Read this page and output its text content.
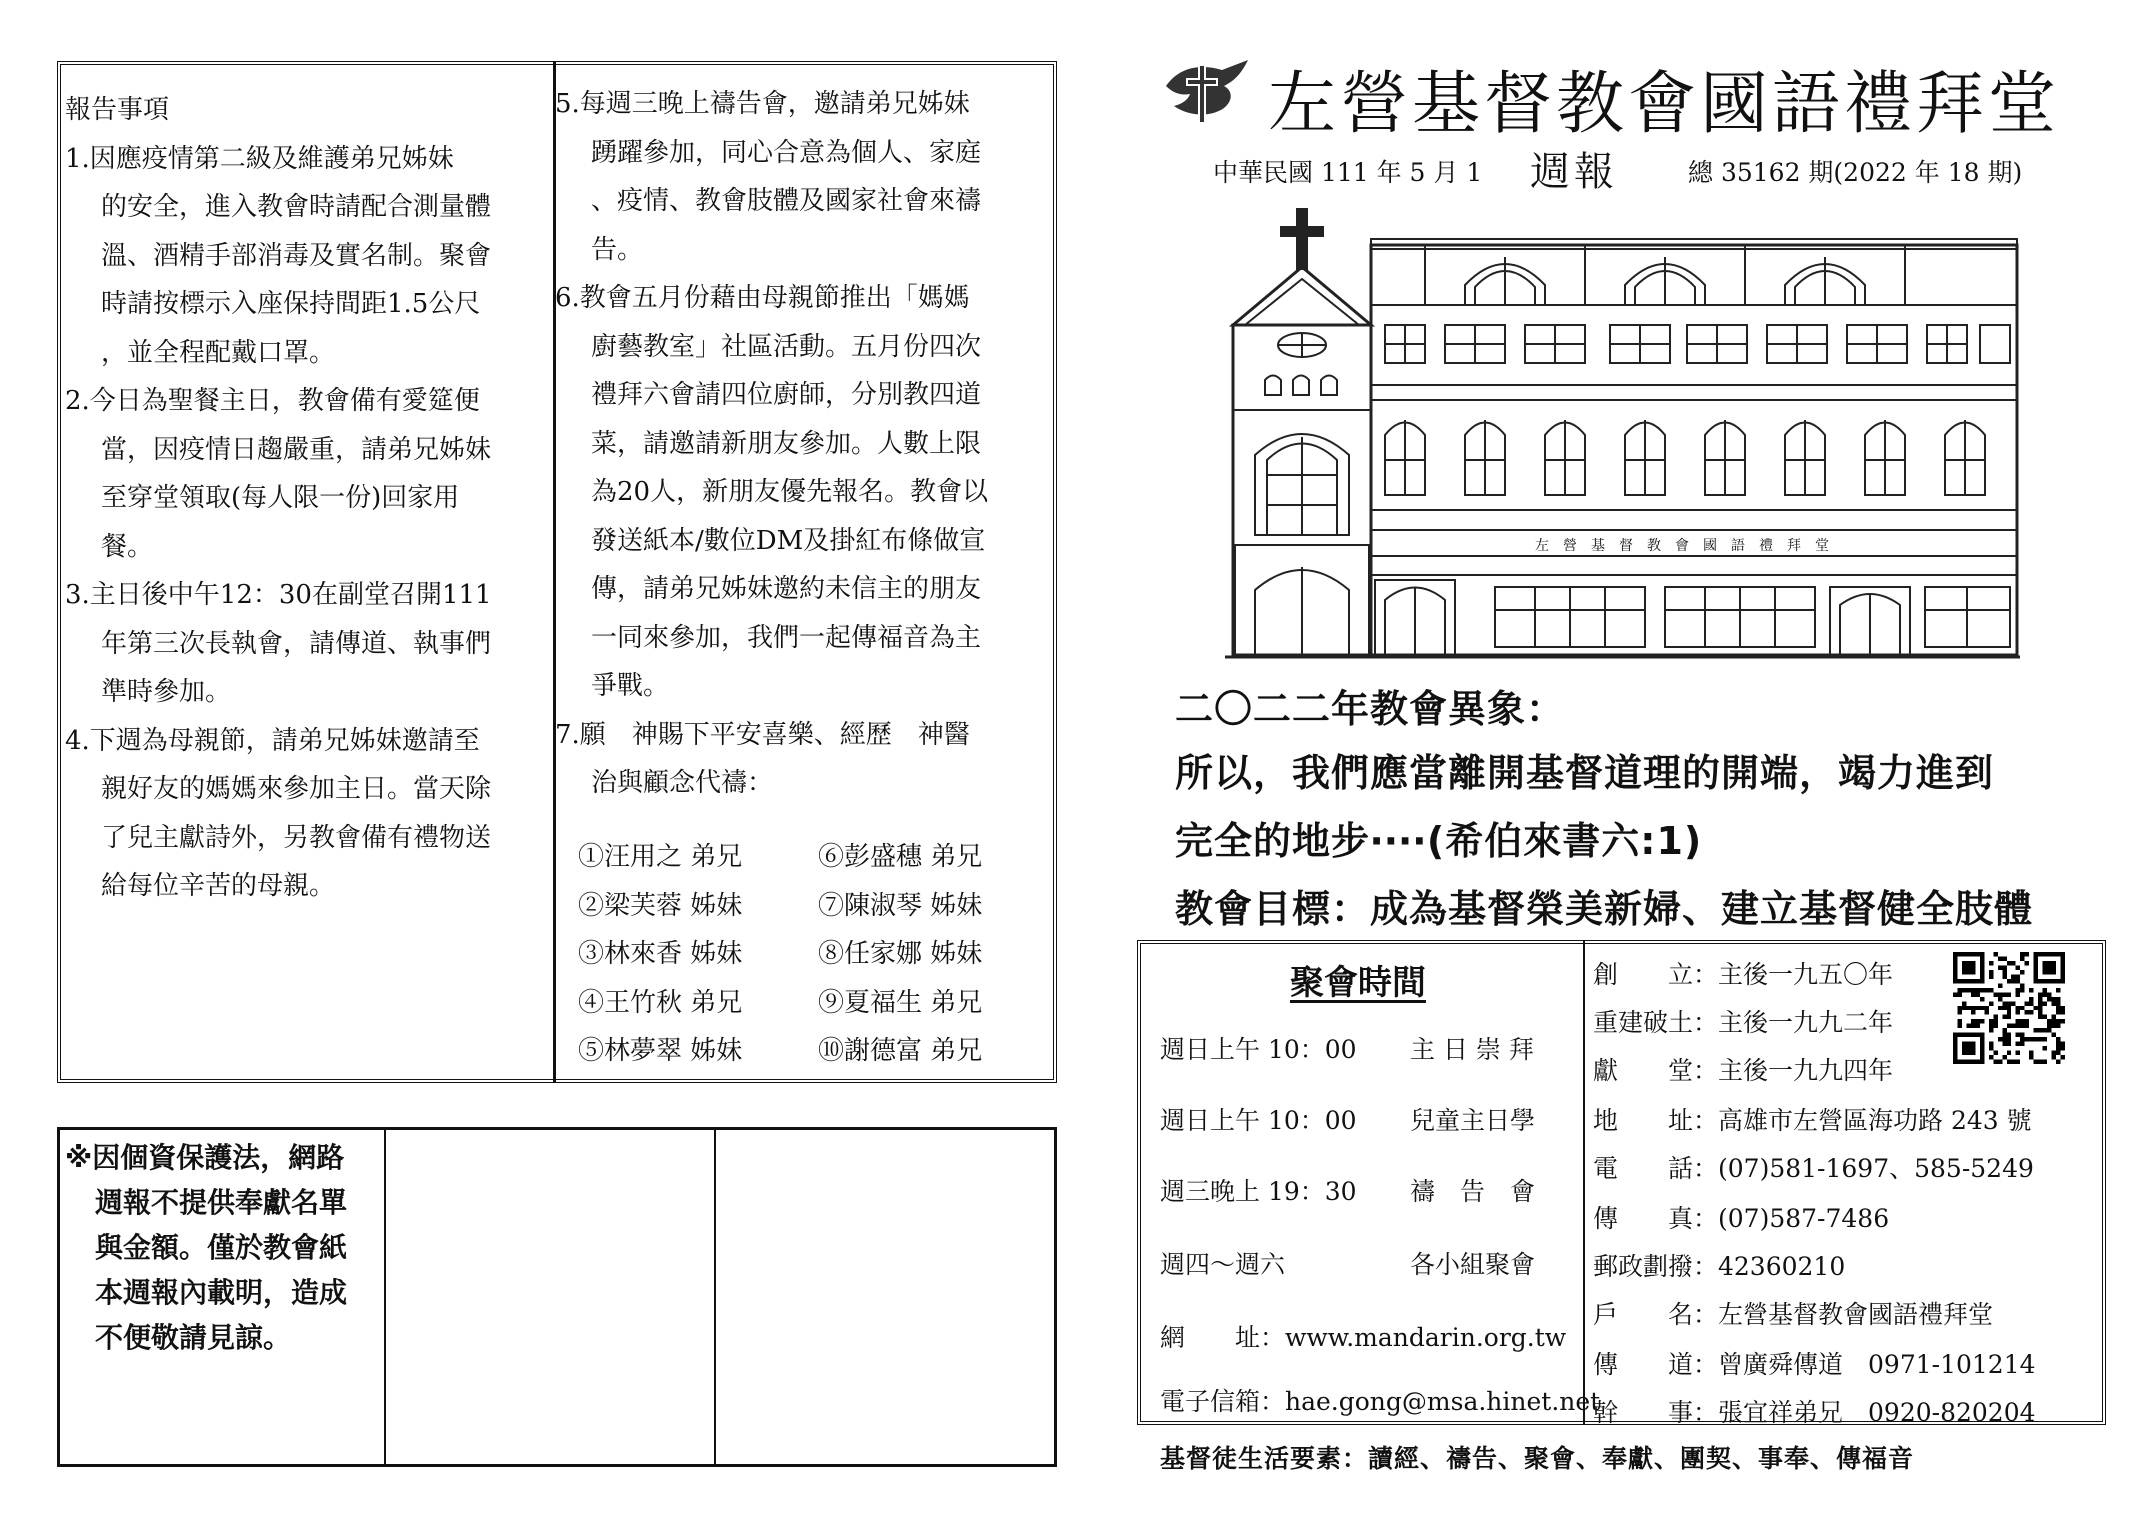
報告事項
1.因應疫情第二級及維護弟兄姊妹
的安全，進入教會時請配合測量體
溫、酒精手部消毒及實名制。聚會
時請按標示入座保持間距1.5公尺
，並全程配戴口罩。
2.今日為聖餐主日，教會備有愛筵便
當，因疫情日趨嚴重，請弟兄姊妹
至穿堂領取(每人限一份)回家用
餐。
3.主日後中午12：30在副堂召開111
年第三次長執會，請傳道、執事們
準時參加。
4.下週為母親節，請弟兄姊妹邀請至
親好友的媽媽來參加主日。當天除
了兒主獻詩外，另教會備有禮物送
給每位辛苦的母親。
5.每週三晚上禱告會，邀請弟兄姊妹
踴躍參加，同心合意為個人、家庭
、疫情、教會肢體及國家社會來禱
告。
6.教會五月份藉由母親節推出「媽媽
廚藝教室」社區活動。五月份四次
禮拜六會請四位廚師，分別教四道
菜，請邀請新朋友參加。人數上限
為20人，新朋友優先報名。教會以
發送紙本/數位DM及掛紅布條做宣
傳，請弟兄姊妹邀約未信主的朋友
一同來參加，我們一起傳福音為主
爭戰。
7.願　神賜下平安喜樂、經歷　神醫
治與顧念代禱：
①汪用之 弟兄	⑥彭盛穗 弟兄
②梁芙蓉 姊妹	⑦陳淑琴 姊妹
③林來香 姊妹	⑧任家娜 姊妹
④王竹秋 弟兄	⑨夏福生 弟兄
⑤林夢翠 姊妹	⑩謝德富 弟兄
※因個資保護法，網路
週報不提供奉獻名單
與金額。僅於教會紙
本週報內載明，造成
不便敬請見諒。
左營基督教會國語禮拜堂
中華民國 111 年 5 月 1 週報	總 35162 期(2022 年 18 期)
左營基督教會國語禮拜堂
二〇二二年教會異象：
所以，我們應當離開基督道理的開端，竭力進到
完全的地步‧‧‧‧(希伯來書六:1)
教會目標：成為基督榮美新婦、建立基督健全肢體
聚會時間
週日上午 10：00 主 日 崇 拜
週日上午 10：00 兒童主日學
週三晚上 19：30 禱　告　會
週四～週六	各小組聚會
網　　址：www.mandarin.org.tw
電子信箱：hae.gong@msa.hinet.net
創　　立：主後一九五〇年
重建破土：主後一九九二年
獻　　堂：主後一九九四年
地　　址：高雄市左營區海功路 243 號
電　　話：(07)581-1697、585-5249
傳　　真：(07)587-7486
郵政劃撥：42360210
戶　　名：左營基督教會國語禮拜堂
傳　　道：曾廣舜傳道　0971-101214
幹　　事：張宜祥弟兄　0920-820204
基督徒生活要素：讀經、禱告、聚會、奉獻、團契、事奉、傳福音
